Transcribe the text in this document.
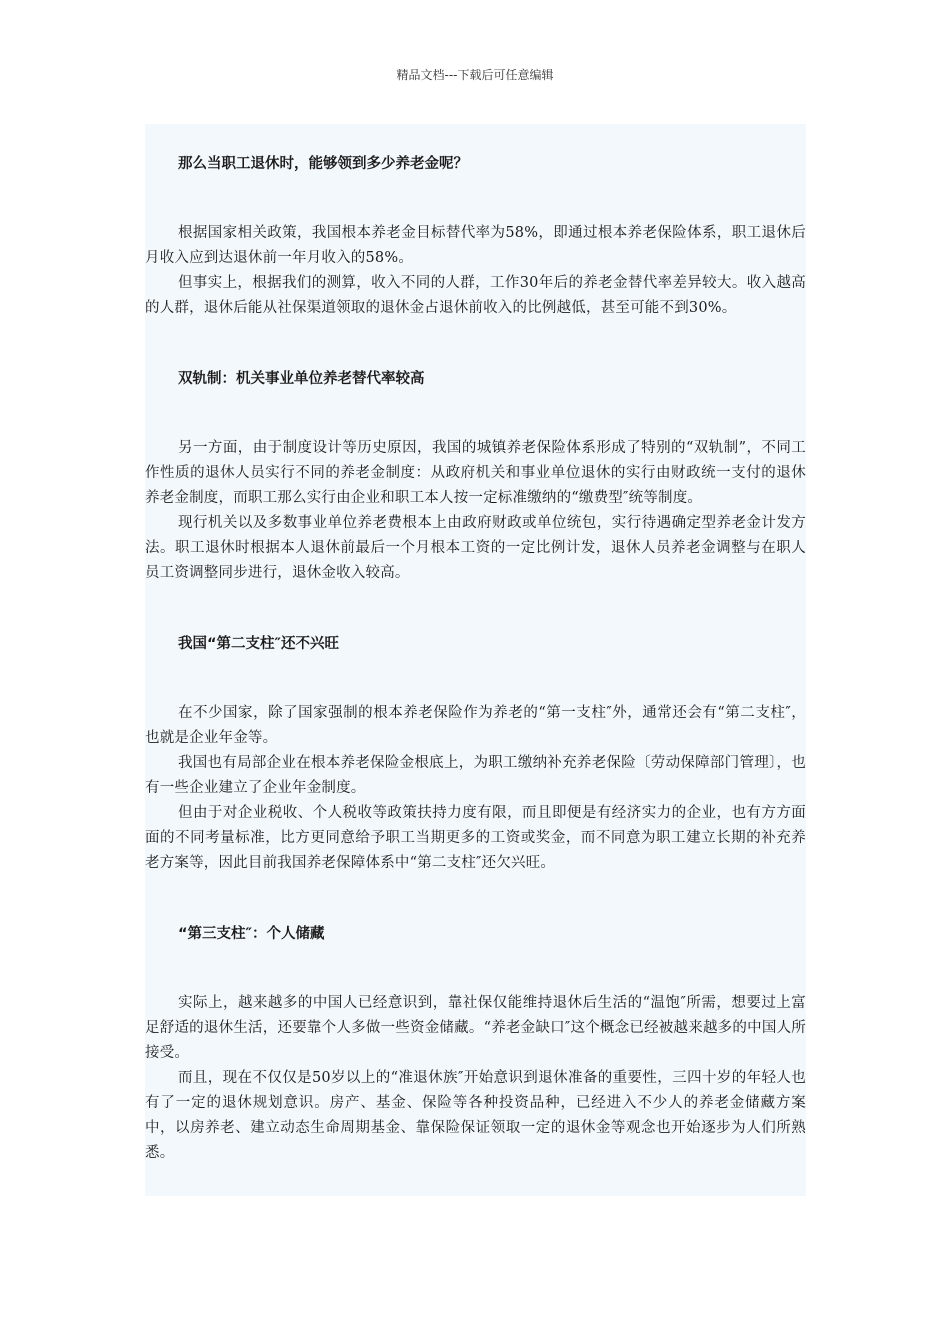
精品文档---下载后可任意编辑
那么当职工退休时，能够领到多少养老金呢？

根据国家相关政策，我国根本养老金目标替代率为58%，即通过根本养老保险体系，职工退休后月收入应到达退休前一年月收入的58%。

但事实上，根据我们的测算，收入不同的人群，工作30年后的养老金替代率差异较大。收入越高的人群，退休后能从社保渠道领取的退休金占退休前收入的比例越低，甚至可能不到30%。

双轨制：机关事业单位养老替代率较高

另一方面，由于制度设计等历史原因，我国的城镇养老保险体系形成了特别的“双轨制”，不同工作性质的退休人员实行不同的养老金制度：从政府机关和事业单位退休的实行由财政统一支付的退休养老金制度，而职工那么实行由企业和职工本人按一定标准缴纳的“缴费型″统等制度。

现行机关以及多数事业单位养老费根本上由政府财政或单位统包，实行待遇确定型养老金计发方法。职工退休时根据本人退休前最后一个月根本工资的一定比例计发，退休人员养老金调整与在职人员工资调整同步进行，退休金收入较高。

我国“第二支柱″还不兴旺

在不少国家，除了国家强制的根本养老保险作为养老的“第一支柱″外，通常还会有“第二支柱″，也就是企业年金等。

我国也有局部企业在根本养老保险金根底上，为职工缴纳补充养老保险〔劳动保障部门管理〕，也有一些企业建立了企业年金制度。

但由于对企业税收、个人税收等政策扶持力度有限，而且即便是有经济实力的企业，也有方方面面的不同考量标准，比方更同意给予职工当期更多的工资或奖金，而不同意为职工建立长期的补充养老方案等，因此目前我国养老保障体系中“第二支柱″还欠兴旺。

“第三支柱″：个人储藏

实际上，越来越多的中国人已经意识到，靠社保仅能维持退休后生活的“温饱″所需，想要过上富足舒适的退休生活，还要靠个人多做一些资金储藏。“养老金缺口″这个概念已经被越来越多的中国人所接受。

而且，现在不仅仅是50岁以上的“准退休族″开始意识到退休准备的重要性，三四十岁的年轻人也有了一定的退休规划意识。房产、基金、保险等各种投资品种，已经进入不少人的养老金储藏方案中，以房养老、建立动态生命周期基金、靠保险保证领取一定的退休金等观念也开始逐步为人们所熟悉。
